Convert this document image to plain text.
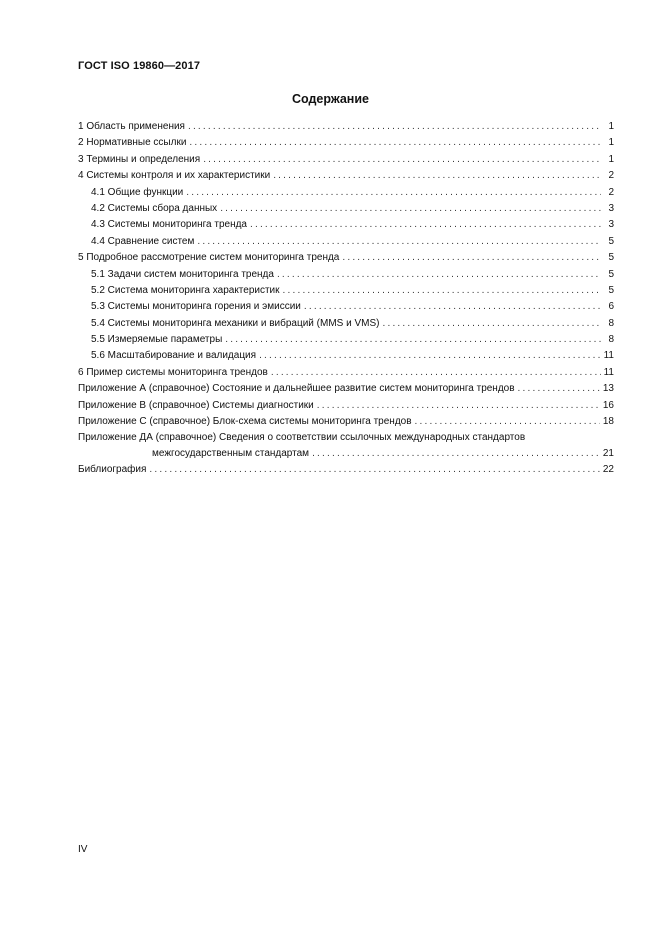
ГОСТ ISO 19860—2017
Содержание
1 Область применения .....	1
2 Нормативные ссылки .....	1
3 Термины и определения .....	1
4 Системы контроля и их характеристики .....	2
4.1 Общие функции .....	2
4.2 Системы сбора данных .....	3
4.3 Системы мониторинга тренда .....	3
4.4 Сравнение систем .....	5
5 Подробное рассмотрение систем мониторинга тренда .....	5
5.1 Задачи систем мониторинга тренда .....	5
5.2 Система мониторинга характеристик .....	5
5.3 Системы мониторинга горения и эмиссии .....	6
5.4 Системы мониторинга механики и вибраций (MMS и VMS) .....	8
5.5 Измеряемые параметры .....	8
5.6 Масштабирование и валидация .....	11
6 Пример системы мониторинга трендов .....	11
Приложение А (справочное) Состояние и дальнейшее развитие систем мониторинга трендов .....	13
Приложение В (справочное) Системы диагностики .....	16
Приложение С (справочное) Блок-схема системы мониторинга трендов .....	18
Приложение ДА (справочное) Сведения о соответствии ссылочных международных стандартов
межгосударственным стандартам .....	21
Библиография .....	22
IV
